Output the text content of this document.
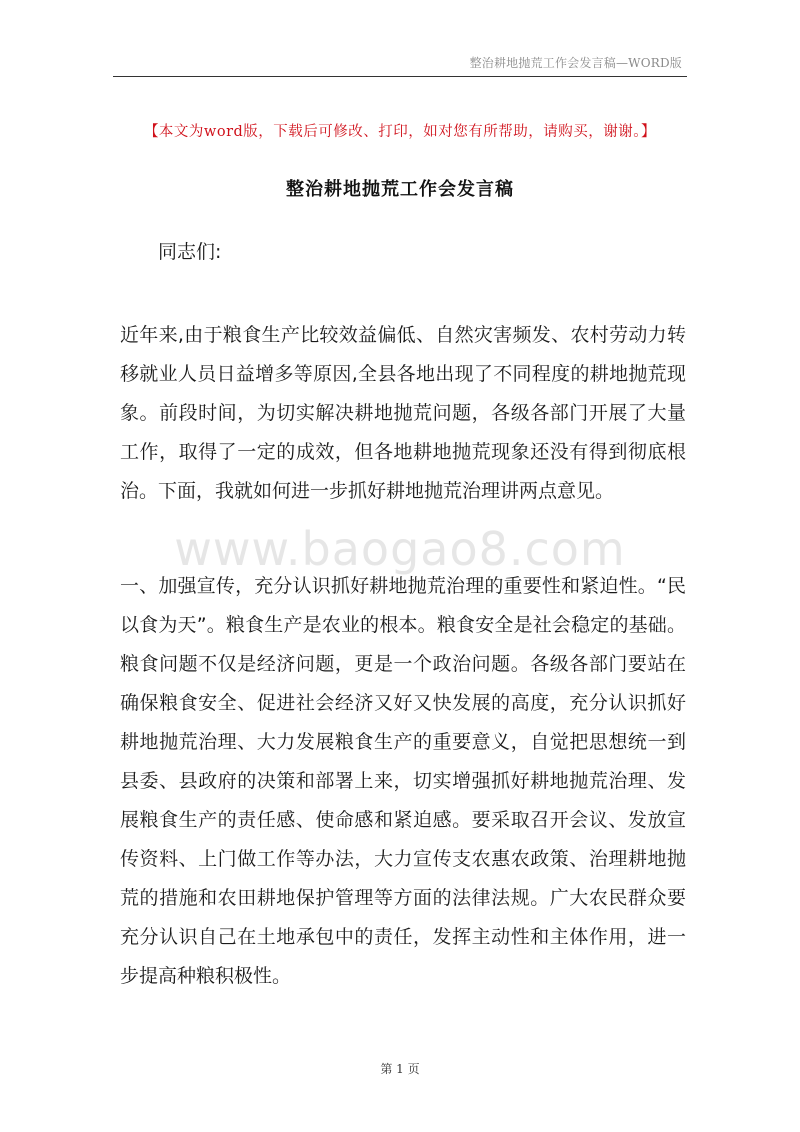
整治耕地抛荒工作会发言稿—WORD版
【本文为word版，下载后可修改、打印，如对您有所帮助，请购买，谢谢。】
整治耕地抛荒工作会发言稿
同志们:

近年来,由于粮食生产比较效益偏低、自然灾害频发、农村劳动力转移就业人员日益增多等原因,全县各地出现了不同程度的耕地抛荒现象。前段时间，为切实解决耕地抛荒问题，各级各部门开展了大量工作，取得了一定的成效，但各地耕地抛荒现象还没有得到彻底根治。下面，我就如何进一步抓好耕地抛荒治理讲两点意见。

www.baogao8.com

一、加强宣传，充分认识抓好耕地抛荒治理的重要性和紧迫性。“民以食为天”。粮食生产是农业的根本。粮食安全是社会稳定的基础。粮食问题不仅是经济问题，更是一个政治问题。各级各部门要站在确保粮食安全、促进社会经济又好又快发展的高度，充分认识抓好耕地抛荒治理、大力发展粮食生产的重要意义，自觉把思想统一到县委、县政府的决策和部署上来，切实增强抓好耕地抛荒治理、发展粮食生产的责任感、使命感和紧迫感。要采取召开会议、发放宣传资料、上门做工作等办法，大力宣传支农惠农政策、治理耕地抛荒的措施和农田耕地保护管理等方面的法律法规。广大农民群众要充分认识自己在土地承包中的责任，发挥主动性和主体作用，进一步提高种粮积极性。

第 1 页
